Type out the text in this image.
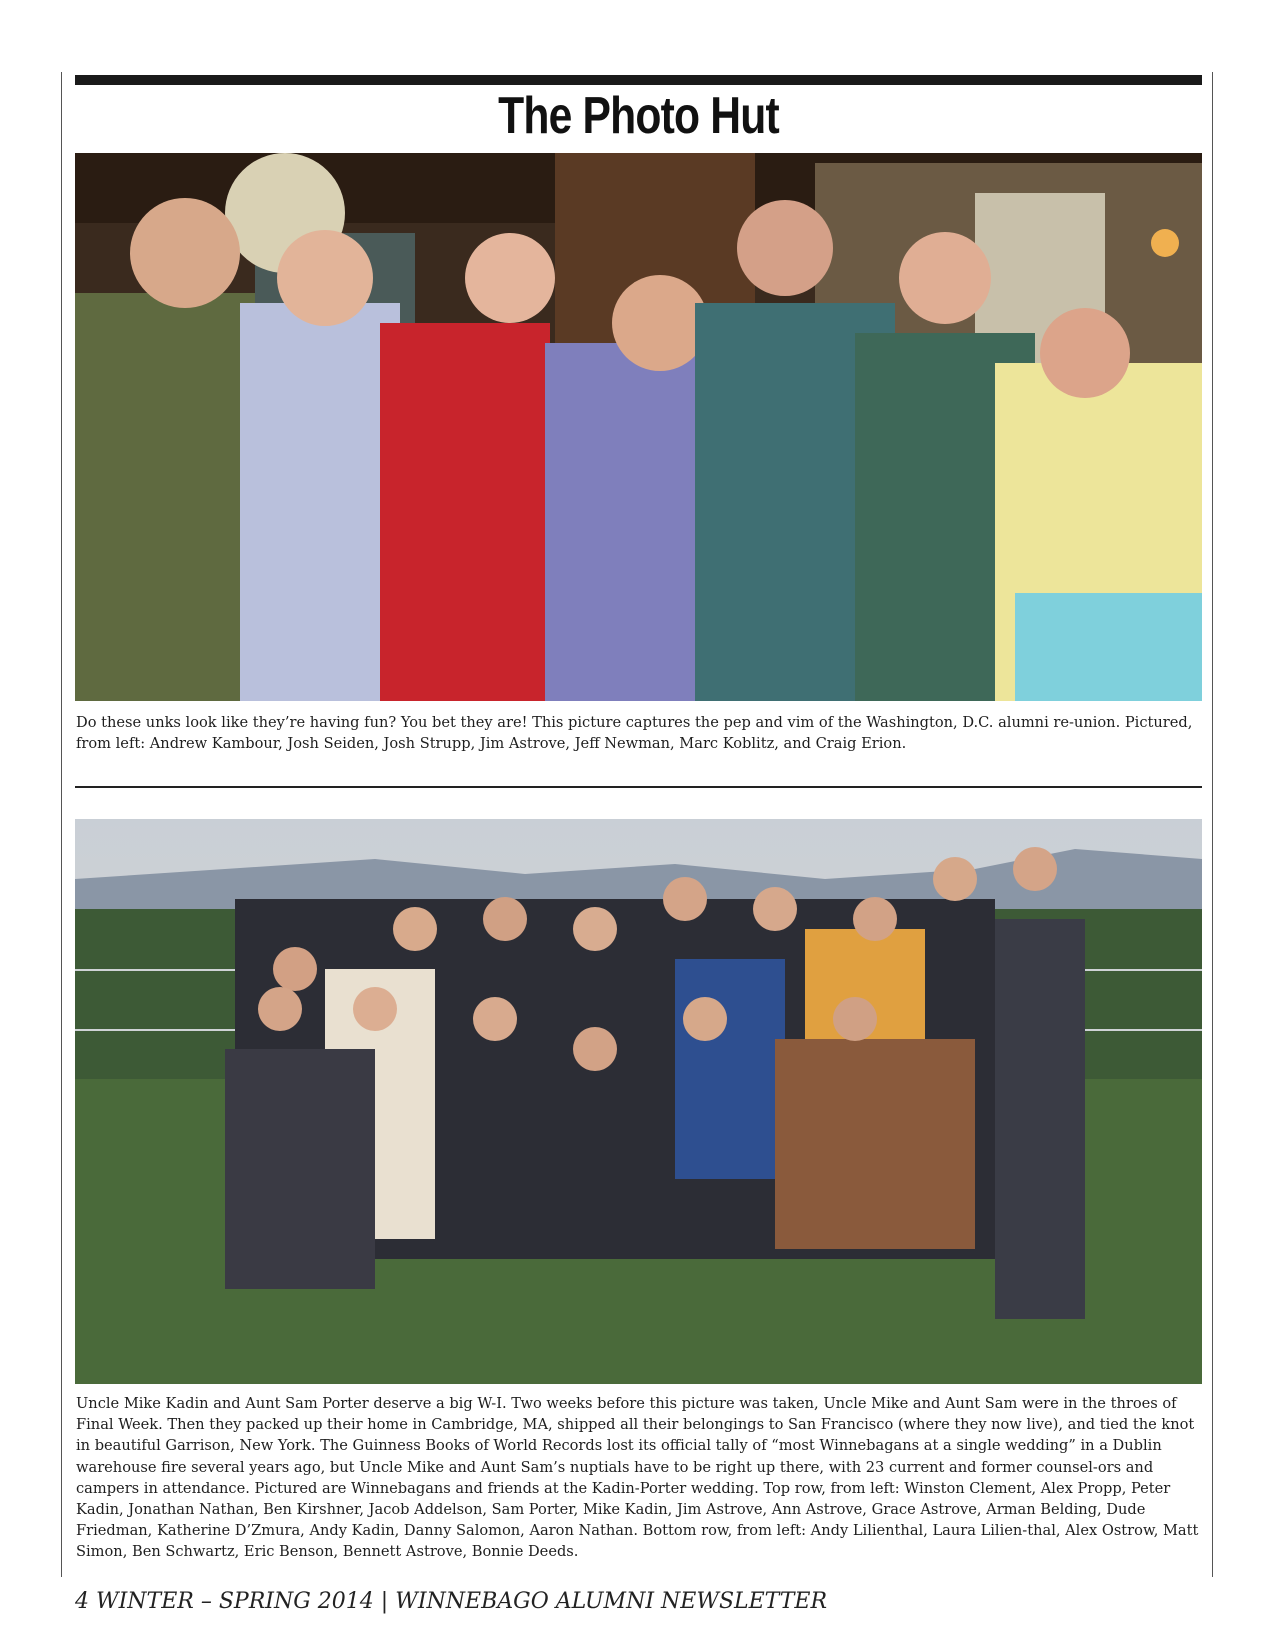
The Photo Hut
Do these unks look like they’re having fun? You bet they are! This picture captures the pep and vim of the Washington, D.C. alumni re-union. Pictured, from left: Andrew Kambour, Josh Seiden, Josh Strupp, Jim Astrove, Jeff Newman, Marc Koblitz, and Craig Erion.
Uncle Mike Kadin and Aunt Sam Porter deserve a big W-I. Two weeks before this picture was taken, Uncle Mike and Aunt Sam were in the throes of Final Week. Then they packed up their home in Cambridge, MA, shipped all their belongings to San Francisco (where they now live), and tied the knot in beautiful Garrison, New York. The Guinness Books of World Records lost its official tally of “most Winnebagans at a single wedding” in a Dublin warehouse fire several years ago, but Uncle Mike and Aunt Sam’s nuptials have to be right up there, with 23 current and former counsel-ors and campers in attendance. Pictured are Winnebagans and friends at the Kadin-Porter wedding. Top row, from left: Winston Clement, Alex Propp, Peter Kadin, Jonathan Nathan, Ben Kirshner, Jacob Addelson, Sam Porter, Mike Kadin, Jim Astrove, Ann Astrove, Grace Astrove, Arman Belding, Dude Friedman, Katherine D’Zmura, Andy Kadin, Danny Salomon, Aaron Nathan. Bottom row, from left: Andy Lilienthal, Laura Lilien-thal, Alex Ostrow, Matt Simon, Ben Schwartz, Eric Benson, Bennett Astrove, Bonnie Deeds.
4 WINTER – SPRING 2014 | WINNEBAGO ALUMNI NEWSLETTER
